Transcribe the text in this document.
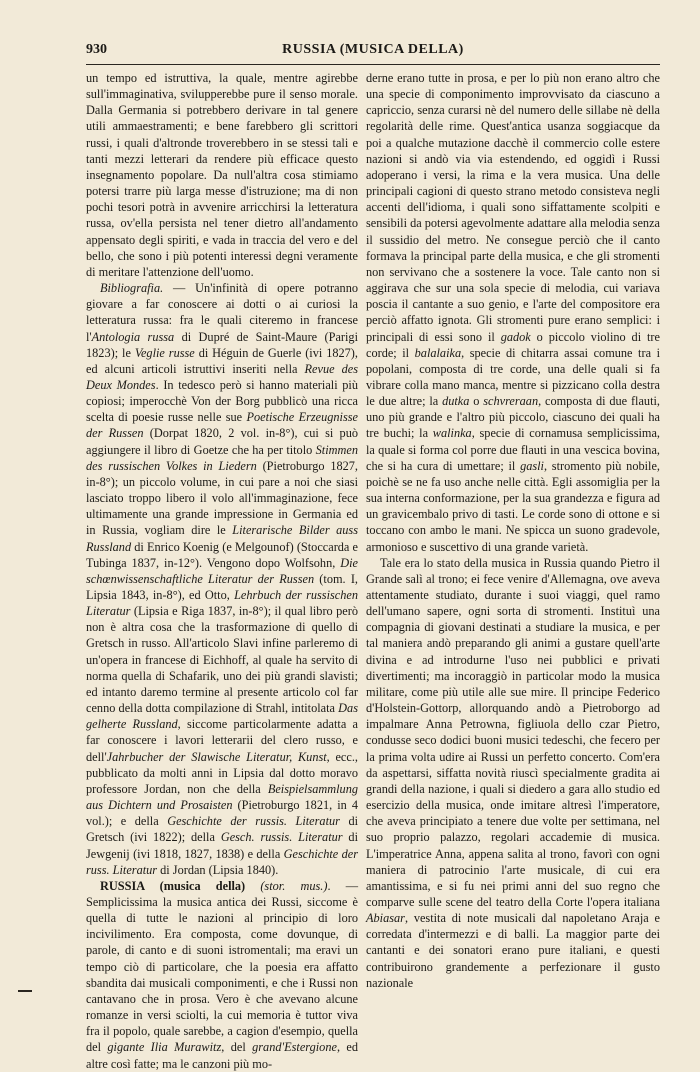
930	RUSSIA (MUSICA DELLA)

un tempo ed istruttiva, la quale, mentre agirebbe sull'immaginativa, svilupperebbe pure il senso morale. Dalla Germania si potrebbero derivare in tal genere utili ammaestramenti; e bene farebbero gli scrittori russi, i quali d'altronde troverebbero in se stessi tali e tanti mezzi letterari da rendere più efficace questo insegnamento popolare. Da null'altra cosa stimiamo potersi trarre più larga messe d'istruzione; ma di non pochi tesori potrà in avvenire arricchirsi la letteratura russa, ov'ella persista nel tener dietro all'andamento appensato degli spiriti, e vada in traccia del vero e del bello, che sono i più potenti interessi degni veramente di meritare l'attenzione dell'uomo.

Bibliografia. — Un'infinità di opere potranno giovare a far conoscere ai dotti o ai curiosi la letteratura russa: fra le quali citeremo in francese l'Antologia russa di Dupré de Saint-Maure (Parigi 1823); le Veglie russe di Héguin de Guerle (ivi 1827), ed alcuni articoli istruttivi inseriti nella Revue des Deux Mondes. In tedesco però si hanno materiali più copiosi; imperocchè Von der Borg pubblicò una ricca scelta di poesie russe nelle sue Poetische Erzeugnisse der Russen (Dorpat 1820, 2 vol. in-8°), cui si può aggiungere il libro di Goetze che ha per titolo Stimmen des russischen Volkes in Liedern (Pietroburgo 1827, in-8°); un piccolo volume, in cui pare a noi che siasi lasciato troppo libero il volo all'immaginazione, fece ultimamente una grande impressione in Germania ed in Russia, vogliam dire le Literarische Bilder auss Russland di Enrico Koenig (e Melgounof) (Stoccarda e Tubinga 1837, in-12°). Vengono dopo Wolfsohn, Die schœnwissenschaftliche Literatur der Russen (tom. I, Lipsia 1843, in-8°), ed Otto, Lehrbuch der russischen Literatur (Lipsia e Riga 1837, in-8°); il qual libro però non è altra cosa che la trasformazione di quello di Gretsch in russo. All'articolo Slavi infine parleremo di un'opera in francese di Eichhoff, al quale ha servito di norma quella di Schafarik, uno dei più grandi slavisti; ed intanto daremo termine al presente articolo col far cenno della dotta compilazione di Strahl, intitolata Das gelherte Russland, siccome particolarmente adatta a far conoscere i lavori letterarii del clero russo, e dell'Jahrbucher der Slawische Literatur, Kunst, ecc., pubblicato da molti anni in Lipsia dal dotto moravo professore Jordan, non che della Beispielsammlung aus Dichtern und Prosaisten (Pietroburgo 1821, in 4 vol.); e della Geschichte der russis. Literatur di Gretsch (ivi 1822); della Gesch. russis. Literatur di Jewgenij (ivi 1818, 1827, 1838) e della Geschichte der russ. Literatur di Jordan (Lipsia 1840).

RUSSIA (musica della) (stor. mus.). — Semplicissima la musica antica dei Russi, siccome è quella di tutte le nazioni al principio di loro incivilimento. Era composta, come dovunque, di parole, di canto e di suoni istromentali; ma eravi un tempo ciò di particolare, che la poesia era affatto sbandita dai musicali componimenti, e che i Russi non cantavano che in prosa. Vero è che avevano alcune romanze in versi sciolti, la cui memoria è tuttor viva fra il popolo, quale sarebbe, a cagion d'esempio, quella del gigante Ilia Murawitz, del grand'Estergione, ed altre così fatte; ma le canzoni più mo-

derne erano tutte in prosa, e per lo più non erano altro che una specie di componimento improvvisato da ciascuno a capriccio, senza curarsi nè del numero delle sillabe nè della regolarità delle rime. Quest'antica usanza soggiacque da poi a qualche mutazione dacchè il commercio colle estere nazioni si andò via via estendendo, ed oggidì i Russi adoperano i versi, la rima e la vera musica. Una delle principali cagioni di questo strano metodo consisteva negli accenti dell'idioma, i quali sono siffattamente scolpiti e sensibili da potersi agevolmente adattare alla melodia senza il sussidio del metro. Ne consegue perciò che il canto formava la principal parte della musica, e che gli stromenti non servivano che a sostenere la voce. Tale canto non si aggirava che sur una sola specie di melodia, cui variava poscia il cantante a suo genio, e l'arte del compositore era perciò affatto ignota. Gli stromenti pure erano semplici: i principali di essi sono il gadok o piccolo violino di tre corde; il balalaika, specie di chitarra assai comune tra i popolani, composta di tre corde, una delle quali si fa vibrare colla mano manca, mentre si pizzicano colla destra le due altre; la dutka o schvreraan, composta di due flauti, uno più grande e l'altro più piccolo, ciascuno dei quali ha tre buchi; la walinka, specie di cornamusa semplicissima, la quale si forma col porre due flauti in una vescica bovina, che si ha cura di umettare; il gasli, stromento più nobile, poichè se ne fa uso anche nelle città. Egli assomiglia per la sua interna conformazione, per la sua grandezza e figura ad un gravicembalo privo di tasti. Le corde sono di ottone e si toccano con ambo le mani. Ne spicca un suono gradevole, armonioso e suscettivo di una grande varietà.

Tale era lo stato della musica in Russia quando Pietro il Grande salì al trono; ei fece venire d'Allemagna, ove aveva attentamente studiato, durante i suoi viaggi, quel ramo dell'umano sapere, ogni sorta di stromenti. Instituì una compagnia di giovani destinati a studiare la musica, e per tal maniera andò preparando gli animi a gustare quell'arte divina e ad introdurne l'uso nei pubblici e privati divertimenti; ma incoraggiò in particolar modo la musica militare, come più utile alle sue mire. Il principe Federico d'Holstein-Gottorp, allorquando andò a Pietroborgo ad impalmare Anna Petrowna, figliuola dello czar Pietro, condusse seco dodici buoni musici tedeschi, che fecero per la prima volta udire ai Russi un perfetto concerto. Com'era da aspettarsi, siffatta novità riuscì specialmente gradita ai grandi della nazione, i quali si diedero a gara allo studio ed esercizio della musica, onde imitare altresì l'imperatore, che aveva principiato a tenere due volte per settimana, nel suo proprio palazzo, regolari accademie di musica. L'imperatrice Anna, appena salita al trono, favorì con ogni maniera di patrocinio l'arte musicale, di cui era amantissima, e si fu nei primi anni del suo regno che comparve sulle scene del teatro della Corte l'opera italiana Abiasar, vestita di note musicali dal napoletano Araja e corredata d'intermezzi e di balli. La maggior parte dei cantanti e dei sonatori erano pure italiani, e questi contribuirono grandemente a perfezionare il gusto nazionale
